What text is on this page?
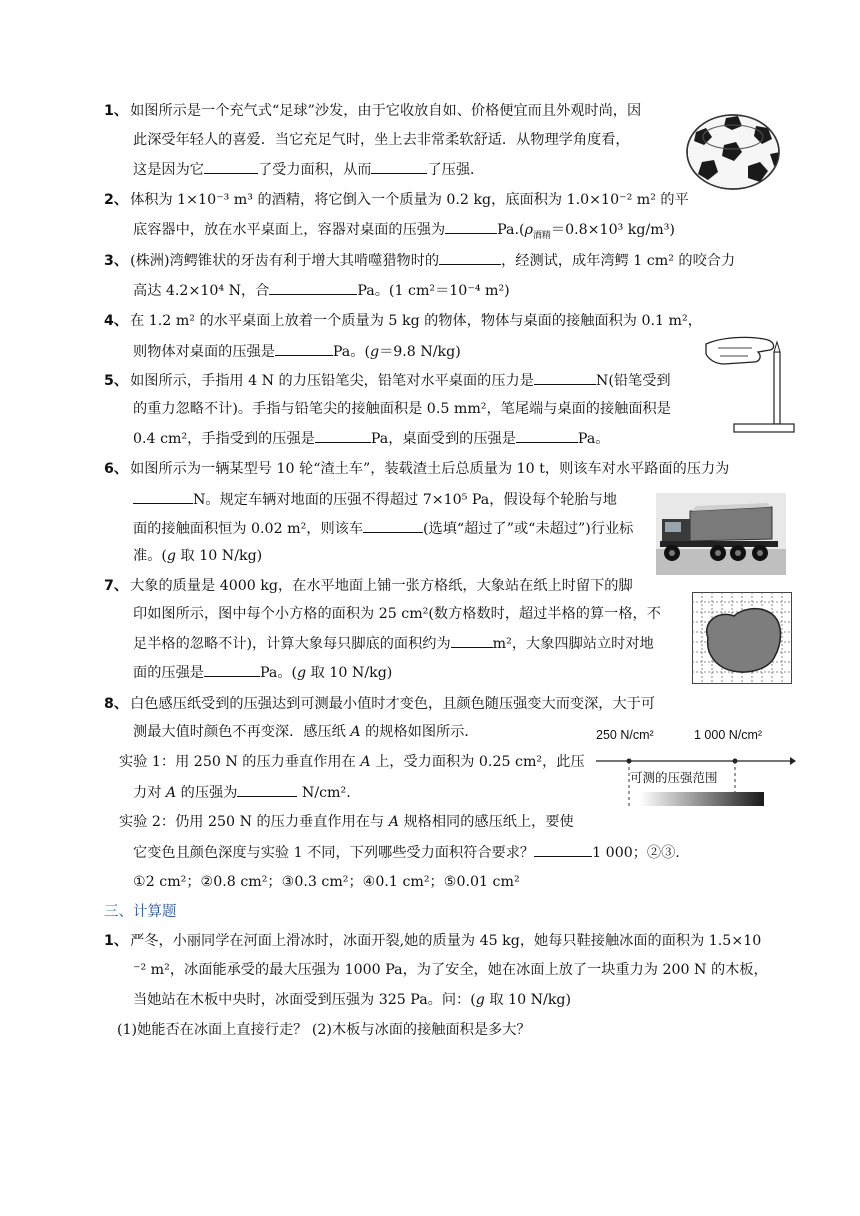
1、 如图所示是一个充气式“足球”沙发，由于它收放自如、价格便宜而且外观时尚，因
此深受年轻人的喜爱．当它充足气时，坐上去非常柔软舒适．从物理学角度看，
这是因为它	了受力面积，从而	了压强．
2、 体积为 1×10⁻³ m³ 的酒精，将它倒入一个质量为 0.2 kg，底面积为 1.0×10⁻² m² 的平
底容器中，放在水平桌面上，容器对桌面的压强为	$Pa.(\rho_{酒精}=0.8\times 10^3$ kg/m³)
3、 (株洲)湾鳄锥状的牙齿有利于增大其啃噬猎物时的	，经测试，成年湾鳄 1 cm² 的咬合力
高达 4.2×10⁴ N，合	Pa。(1 cm²＝10⁻⁴ m²)
4、 在 1.2 m² 的水平桌面上放着一个质量为 5 kg 的物体，物体与桌面的接触面积为 0.1 m²，
则物体对桌面的压强是	Pa。(g＝9.8 N/kg)
5、 如图所示，手指用 4 N 的力压铅笔尖，铅笔对水平桌面的压力是	N(铅笔受到
的重力忽略不计)。手指与铅笔尖的接触面积是 0.5 mm²，笔尾端与桌面的接触面积是
0.4 cm²，手指受到的压强是	Pa，桌面受到的压强是	Pa。
6、 如图所示为一辆某型号 10 轮“渣土车”，装载渣土后总质量为 10 t，则该车对水平路面的压力为
N。规定车辆对地面的压强不得超过 7×10⁵ Pa，假设每个轮胎与地
面的接触面积恒为 0.02 m²，则该车	(选填“超过了”或“未超过”)行业标
准。(g 取 10 N/kg)
7、 大象的质量是 4000 kg，在水平地面上铺一张方格纸，大象站在纸上时留下的脚
印如图所示，图中每个小方格的面积为 25 cm²(数方格数时，超过半格的算一格，不
足半格的忽略不计)，计算大象每只脚底的面积约为	m²，大象四脚站立时对地
面的压强是	Pa。(g 取 10 N/kg)
8、 白色感压纸受到的压强达到可测最小值时才变色，且颜色随压强变大而变深，大于可
测最大值时颜色不再变深．感压纸 A 的规格如图所示．
实验 1：用 250 N 的压力垂直作用在 A 上，受力面积为 0.25 cm²，此压
力对 A 的压强为	N/cm².
实验 2：仍用 250 N 的压力垂直作用在与 A 规格相同的感压纸上，要使
它变色且颜色深度与实验 1 不同，下列哪些受力面积符合要求？	1 000；②③.
①2 cm²；②0.8 cm²；③0.3 cm²；④0.1 cm²；⑤0.01 cm²
250 N/cm²	1 000 N/cm²
可测的压强范围
三、计算题
1、 严冬，小丽同学在河面上滑冰时，冰面开裂,她的质量为 45 kg，她每只鞋接触冰面的面积为 1.5×10
⁻² m²，冰面能承受的最大压强为 1000 Pa，为了安全，她在冰面上放了一块重力为 200 N 的木板，
当她站在木板中央时，冰面受到压强为 325 Pa。问：(g 取 10 N/kg)
(1)她能否在冰面上直接行走？ (2)木板与冰面的接触面积是多大？
